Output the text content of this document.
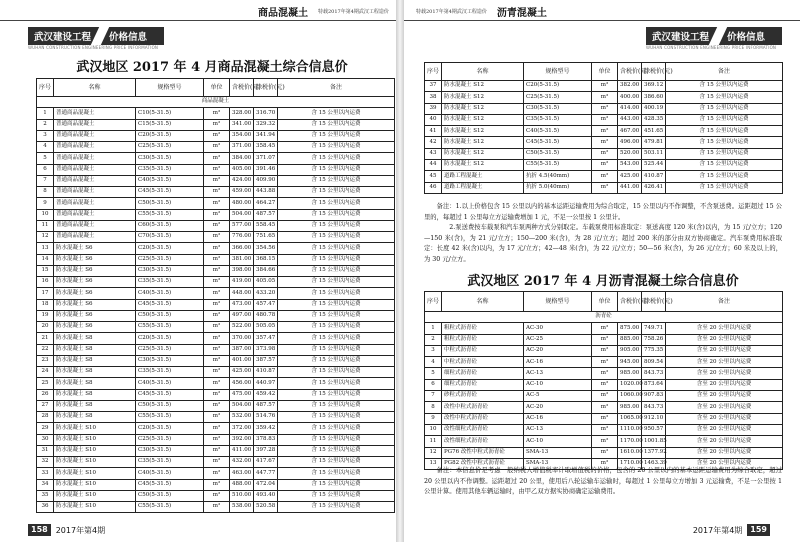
商品混凝土 特载2017年第4期武汉工程造价
武汉建设工程 价格信息
WUHAN CONSTRUCTION ENGINEERING PRICE INFORMATION
武汉地区 2017 年 4 月商品混凝土综合信息价
序号	名称	规格型号	单位	含税价(元)	除税价(元)	备注
商品混凝土						
1	普通商品混凝土	C10(5-31.5)	m³	328.00	316.70	含 15 公里以内运费
2	普通商品混凝土	C15(5-31.5)	m³	341.00	329.32	含 15 公里以内运费
3	普通商品混凝土	C20(5-31.5)	m³	354.00	341.94	含 15 公里以内运费
4	普通商品混凝土	C25(5-31.5)	m³	371.00	358.45	含 15 公里以内运费
5	普通商品混凝土	C30(5-31.5)	m³	384.00	371.07	含 15 公里以内运费
6	普通商品混凝土	C35(5-31.5)	m³	405.00	391.46	含 15 公里以内运费
7	普通商品混凝土	C40(5-31.5)	m³	424.00	409.90	含 15 公里以内运费
8	普通商品混凝土	C45(5-31.5)	m³	459.00	443.88	含 15 公里以内运费
9	普通商品混凝土	C50(5-31.5)	m³	480.00	464.27	含 15 公里以内运费
10	普通商品混凝土	C55(5-31.5)	m³	504.00	487.57	含 15 公里以内运费
11	普通商品混凝土	C60(5-31.5)	m³	577.00	558.45	含 15 公里以内运费
12	普通商品混凝土	C70(5-31.5)	m³	776.00	751.65	含 15 公里以内运费
13	防水混凝土 S6	C20(5-31.5)	m³	366.00	354.56	含 15 公里以内运费
14	防水混凝土 S6	C25(5-31.5)	m³	381.00	368.15	含 15 公里以内运费
15	防水混凝土 S6	C30(5-31.5)	m³	398.00	384.66	含 15 公里以内运费
16	防水混凝土 S6	C35(5-31.5)	m³	419.00	405.05	含 15 公里以内运费
17	防水混凝土 S6	C40(5-31.5)	m³	448.00	433.20	含 15 公里以内运费
18	防水混凝土 S6	C45(5-31.5)	m³	473.00	457.47	含 15 公里以内运费
19	防水混凝土 S6	C50(5-31.5)	m³	497.00	480.78	含 15 公里以内运费
20	防水混凝土 S6	C55(5-31.5)	m³	522.00	505.05	含 15 公里以内运费
21	防水混凝土 S8	C20(5-31.5)	m³	370.00	357.47	含 15 公里以内运费
22	防水混凝土 S8	C25(5-31.5)	m³	387.00	373.98	含 15 公里以内运费
23	防水混凝土 S8	C30(5-31.5)	m³	401.00	387.57	含 15 公里以内运费
24	防水混凝土 S8	C35(5-31.5)	m³	425.00	410.87	含 15 公里以内运费
25	防水混凝土 S8	C40(5-31.5)	m³	456.00	440.97	含 15 公里以内运费
26	防水混凝土 S8	C45(5-31.5)	m³	475.00	459.42	含 15 公里以内运费
27	防水混凝土 S8	C50(5-31.5)	m³	504.00	487.57	含 15 公里以内运费
28	防水混凝土 S8	C55(5-31.5)	m³	532.00	514.76	含 15 公里以内运费
29	防水混凝土 S10	C20(5-31.5)	m³	372.00	359.42	含 15 公里以内运费
30	防水混凝土 S10	C25(5-31.5)	m³	392.00	378.83	含 15 公里以内运费
31	防水混凝土 S10	C30(5-31.5)	m³	411.00	397.28	含 15 公里以内运费
32	防水混凝土 S10	C35(5-31.5)	m³	432.00	417.67	含 15 公里以内运费
33	防水混凝土 S10	C40(5-31.5)	m³	463.00	447.77	含 15 公里以内运费
34	防水混凝土 S10	C45(5-31.5)	m³	488.00	472.04	含 15 公里以内运费
35	防水混凝土 S10	C50(5-31.5)	m³	510.00	493.40	含 15 公里以内运费
36	防水混凝土 S10	C55(5-31.5)	m³	538.00	520.58	含 15 公里以内运费
158	2017年第4期
特载2017年第4期武汉工程造价 沥青混凝土
武汉建设工程 价格信息
WUHAN CONSTRUCTION ENGINEERING PRICE INFORMATION
序号	名称	规格型号	单位	含税价(元)	除税价(元)	备注
37	防水混凝土 S12	C20(5-31.5)	m³	382.00	369.12	含 15 公里以内运费
38	防水混凝土 S12	C25(5-31.5)	m³	400.00	386.60	含 15 公里以内运费
39	防水混凝土 S12	C30(5-31.5)	m³	414.00	400.19	含 15 公里以内运费
40	防水混凝土 S12	C35(5-31.5)	m³	443.00	428.35	含 15 公里以内运费
41	防水混凝土 S12	C40(5-31.5)	m³	467.00	451.65	含 15 公里以内运费
42	防水混凝土 S12	C45(5-31.5)	m³	496.00	479.81	含 15 公里以内运费
43	防水混凝土 S12	C50(5-31.5)	m³	520.00	503.11	含 15 公里以内运费
44	防水混凝土 S12	C55(5-31.5)	m³	543.00	525.44	含 15 公里以内运费
45	道路工程混凝土	抗折 4.5(40mm)	m³	425.00	410.87	含 15 公里以内运费
46	道路工程混凝土	抗折 5.0(40mm)	m³	441.00	426.41	含 15 公里以内运费
备注：1.以上价格包含 15 公里以内的基本运距运输费用为综合取定，15 公里以内不作调整，不含泵送费。运距超过 15 公里的，每超过 1 公里每立方运输费增加 1 元，不足一公里按 1 公里计。
2.泵送费按车载泵和汽车泵两种方式分别取定。车载泵费用标准取定：泵送高度 120 米(含)以内，为 15 元/立方；120—150 米(含)，为 21 元/立方；150—200 米(含)，为 28 元/立方；超过 200 米的部分由双方协商确定。汽车泵费用标准取定：长度 42 米(含)以内，为 17 元/立方；42—48 米(含)，为 22 元/立方；50—56 米(含)，为 26 元/立方；60 米及以上的，为 30 元/立方。
武汉地区 2017 年 4 月沥青混凝土综合信息价
序号	名称	规格型号	单位	含税价(元)	除税价(元)	备注
沥青砼						
1	粗粒式沥青砼	AC-30	m³	875.00	749.71	含至 20 公里以内运费
2	粗粒式沥青砼	AC-25	m³	885.00	758.26	含至 20 公里以内运费
3	中粒式沥青砼	AC-20	m³	905.00	775.35	含至 20 公里以内运费
4	中粒式沥青砼	AC-16	m³	945.00	809.54	含至 20 公里以内运费
5	细粒式沥青砼	AC-13	m³	985.00	843.73	含至 20 公里以内运费
6	细粒式沥青砼	AC-10	m³	1020.00	873.64	含至 20 公里以内运费
7	砂粒式沥青砼	AC-5	m³	1060.00	907.83	含至 20 公里以内运费
8	改性中粒式沥青砼	AC-20	m³	985.00	843.73	含至 20 公里以内运费
9	改性中粒式沥青砼	AC-16	m³	1065.00	912.10	含至 20 公里以内运费
10	改性细粒式沥青砼	AC-13	m³	1110.00	950.57	含至 20 公里以内运费
11	改性细粒式沥青砼	AC-10	m³	1170.00	1001.85	含至 20 公里以内运费
12	PG76 改性中粒式沥青砼	SMA-13	m³	1610.00	1377.92	含至 20 公里以内运费
13	PG82 改性中粒式沥青砼	SMA-13	m³	1710.00	1463.39	含至 20 公里以内运费
备注：本信息价是考虑一般纳税人增值税率计取增值税的价格，包含的 20 公里以内的基本运距运输费用为综合取定，超过 20 公里以内不作调整。运距超过 20 公里，使用后八轮运输车运输时，每超过 1 公里每立方增加 3 元运输费，不足一公里按 1 公里计算。使用其他车辆运输时，由甲乙双方据实协商确定运输费用。
2017年第4期	159
